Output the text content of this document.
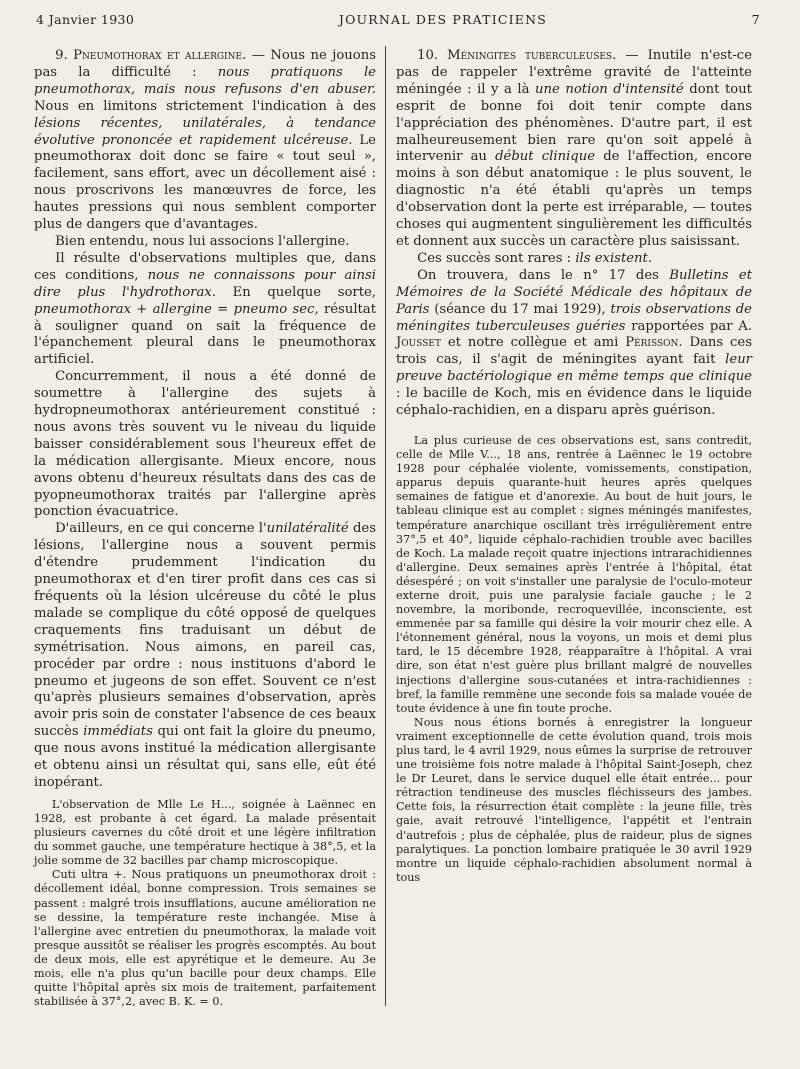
4 Janvier 1930	JOURNAL DES PRATICIENS	7

9. Pneumothorax et allergine. — Nous ne jouons pas la difficulté : nous pratiquons le pneumothorax, mais nous refusons d'en abuser. Nous en limitons strictement l'indication à des lésions récentes, unilatérales, à tendance évolutive prononcée et rapidement ulcéreuse. Le pneumothorax doit donc se faire « tout seul », facilement, sans effort, avec un décollement aisé : nous proscrivons les manœuvres de force, les hautes pressions qui nous semblent comporter plus de dangers que d'avantages.

Bien entendu, nous lui associons l'allergine.

Il résulte d'observations multiples que, dans ces conditions, nous ne connaissons pour ainsi dire plus l'hydrothorax. En quelque sorte, pneumothorax + allergine = pneumo sec, résultat à souligner quand on sait la fréquence de l'épanchement pleural dans le pneumothorax artificiel.

Concurremment, il nous a été donné de soumettre à l'allergine des sujets à hydropneumothorax antérieurement constitué : nous avons très souvent vu le niveau du liquide baisser considérablement sous l'heureux effet de la médication allergisante. Mieux encore, nous avons obtenu d'heureux résultats dans des cas de pyopneumothorax traités par l'allergine après ponction évacuatrice.

D'ailleurs, en ce qui concerne l'unilatéralité des lésions, l'allergine nous a souvent permis d'étendre prudemment l'indication du pneumothorax et d'en tirer profit dans ces cas si fréquents où la lésion ulcéreuse du côté le plus malade se complique du côté opposé de quelques craquements fins traduisant un début de symétrisation. Nous aimons, en pareil cas, procéder par ordre : nous instituons d'abord le pneumo et jugeons de son effet. Souvent ce n'est qu'après plusieurs semaines d'observation, après avoir pris soin de constater l'absence de ces beaux succès immédiats qui ont fait la gloire du pneumo, que nous avons institué la médication allergisante et obtenu ainsi un résultat qui, sans elle, eût été inopérant.

L'observation de Mlle Le H..., soignée à Laënnec en 1928, est probante à cet égard. La malade présentait plusieurs cavernes du côté droit et une légère infiltration du sommet gauche, une température hectique à 38°,5, et la jolie somme de 32 bacilles par champ microscopique.

Cuti ultra +. Nous pratiquons un pneumothorax droit : décollement idéal, bonne compression. Trois semaines se passent : malgré trois insufflations, aucune amélioration ne se dessine, la température reste inchangée. Mise à l'allergine avec entretien du pneumothorax, la malade voit presque aussitôt se réaliser les progrès escomptés. Au bout de deux mois, elle est apyrétique et le demeure. Au 3e mois, elle n'a plus qu'un bacille pour deux champs. Elle quitte l'hôpital après six mois de traitement, parfaitement stabilisée à 37°,2, avec B. K. = 0.

10. Méningites tuberculeuses. — Inutile n'est-ce pas de rappeler l'extrême gravité de l'atteinte méningée : il y a là une notion d'intensité dont tout esprit de bonne foi doit tenir compte dans l'appréciation des phénomènes. D'autre part, il est malheureusement bien rare qu'on soit appelé à intervenir au début clinique de l'affection, encore moins à son début anatomique : le plus souvent, le diagnostic n'a été établi qu'après un temps d'observation dont la perte est irréparable, — toutes choses qui augmentent singulièrement les difficultés et donnent aux succès un caractère plus saisissant.

Ces succès sont rares : ils existent.

On trouvera, dans le n° 17 des Bulletins et Mémoires de la Société Médicale des hôpitaux de Paris (séance du 17 mai 1929), trois observations de méningites tuberculeuses guéries rapportées par A. Jousset et notre collègue et ami Périsson. Dans ces trois cas, il s'agit de méningites ayant fait leur preuve bactériologique en même temps que clinique : le bacille de Koch, mis en évidence dans le liquide céphalo-rachidien, en a disparu après guérison.

La plus curieuse de ces observations est, sans contredit, celle de Mlle V..., 18 ans, rentrée à Laënnec le 19 octobre 1928 pour céphalée violente, vomissements, constipation, apparus depuis quarante-huit heures après quelques semaines de fatigue et d'anorexie. Au bout de huit jours, le tableau clinique est au complet : signes méningés manifestes, température anarchique oscillant très irrégulièrement entre 37°,5 et 40°, liquide céphalo-rachidien trouble avec bacilles de Koch. La malade reçoit quatre injections intrarachidiennes d'allergine. Deux semaines après l'entrée à l'hôpital, état désespéré ; on voit s'installer une paralysie de l'oculo-moteur externe droit, puis une paralysie faciale gauche ; le 2 novembre, la moribonde, recroquevillée, inconsciente, est emmenée par sa famille qui désire la voir mourir chez elle. A l'étonnement général, nous la voyons, un mois et demi plus tard, le 15 décembre 1928, réapparaître à l'hôpital. A vrai dire, son état n'est guère plus brillant malgré de nouvelles injections d'allergine sous-cutanées et intra-rachidiennes : bref, la famille remmène une seconde fois sa malade vouée de toute évidence à une fin toute proche.

Nous nous étions bornés à enregistrer la longueur vraiment exceptionnelle de cette évolution quand, trois mois plus tard, le 4 avril 1929, nous eûmes la surprise de retrouver une troisième fois notre malade à l'hôpital Saint-Joseph, chez le Dr Leuret, dans le service duquel elle était entrée... pour rétraction tendineuse des muscles fléchisseurs des jambes. Cette fois, la résurrection était complète : la jeune fille, très gaie, avait retrouvé l'intelligence, l'appétit et l'entrain d'autrefois ; plus de céphalée, plus de raideur, plus de signes paralytiques. La ponction lombaire pratiquée le 30 avril 1929 montre un liquide céphalo-rachidien absolument normal à tous
